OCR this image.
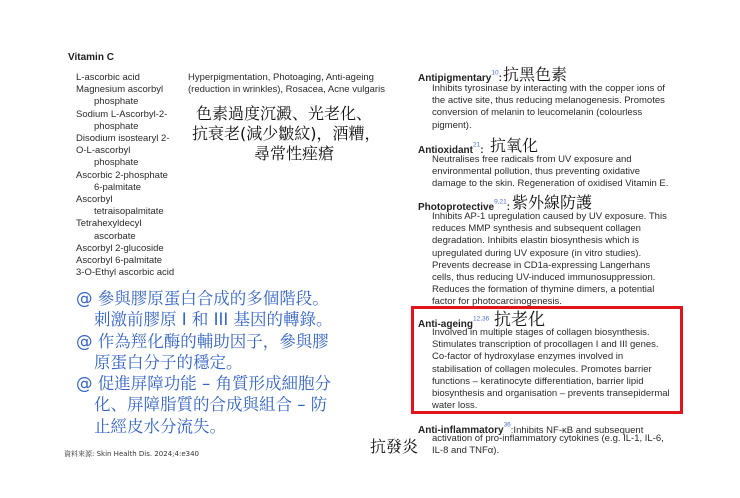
Vitamin C
L-ascorbic acid
Magnesium ascorbyl
phosphate
Sodium L-Ascorbyl-2-
phosphate
Disodium isostearyl 2-
O-L-ascorbyl
phosphate
Ascorbic 2-phosphate
6-palmitate
Ascorbyl
tetraisopalmitate
Tetrahexyldecyl
ascorbate
Ascorbyl 2-glucoside
Ascorbyl 6-palmitate
3-O-Ethyl ascorbic acid
Hyperpigmentation, Photoaging, Anti-ageing
(reduction in wrinkles), Rosacea, Acne vulgaris
色素過度沉澱、光老化、
抗衰老(減少皺紋)，酒糟，
尋常性痤瘡
Antipigmentary$^{10}$: 抗黑色素
Inhibits tyrosinase by interacting with the copper ions of
the active site, thus reducing melanogenesis. Promotes
conversion of melanin to leucomelanin (colourless
pigment).
Antioxidant$^{21}$: 抗氧化
Neutralises free radicals from UV exposure and
environmental pollution, thus preventing oxidative
damage to the skin. Regeneration of oxidised Vitamin E.
Photoprotective$^{9,21}$: 紫外線防護
Inhibits AP-1 upregulation caused by UV exposure. This
reduces MMP synthesis and subsequent collagen
degradation. Inhibits elastin biosynthesis which is
upregulated during UV exposure (in vitro studies).
Prevents decrease in CD1a-expressing Langerhans
cells, thus reducing UV-induced immunosuppression.
Reduces the formation of thymine dimers, a potential
factor for photocarcinogenesis.
Anti-ageing$^{12,36}$ 抗老化
Involved in multiple stages of collagen biosynthesis.
Stimulates transcription of procollagen I and III genes.
Co-factor of hydroxylase enzymes involved in
stabilisation of collagen molecules. Promotes barrier
functions – keratinocyte differentiation, barrier lipid
biosynthesis and organisation – prevents transepidermal
water loss.
Anti-inflammatory$^{36}$:Inhibits NF-κB and subsequent
activation of pro-inflammatory cytokines (e.g. IL-1, IL-6,
IL-8 and TNFα).
抗發炎
@ 參與膠原蛋白合成的多個階段。
刺激前膠原 I 和 III 基因的轉錄。
@ 作為羥化酶的輔助因子，參與膠
原蛋白分子的穩定。
@ 促進屏障功能 – 角質形成細胞分
化、屏障脂質的合成與組合 – 防
止經皮水分流失。
資料來源: Skin Health Dis. 2024;4:e340
